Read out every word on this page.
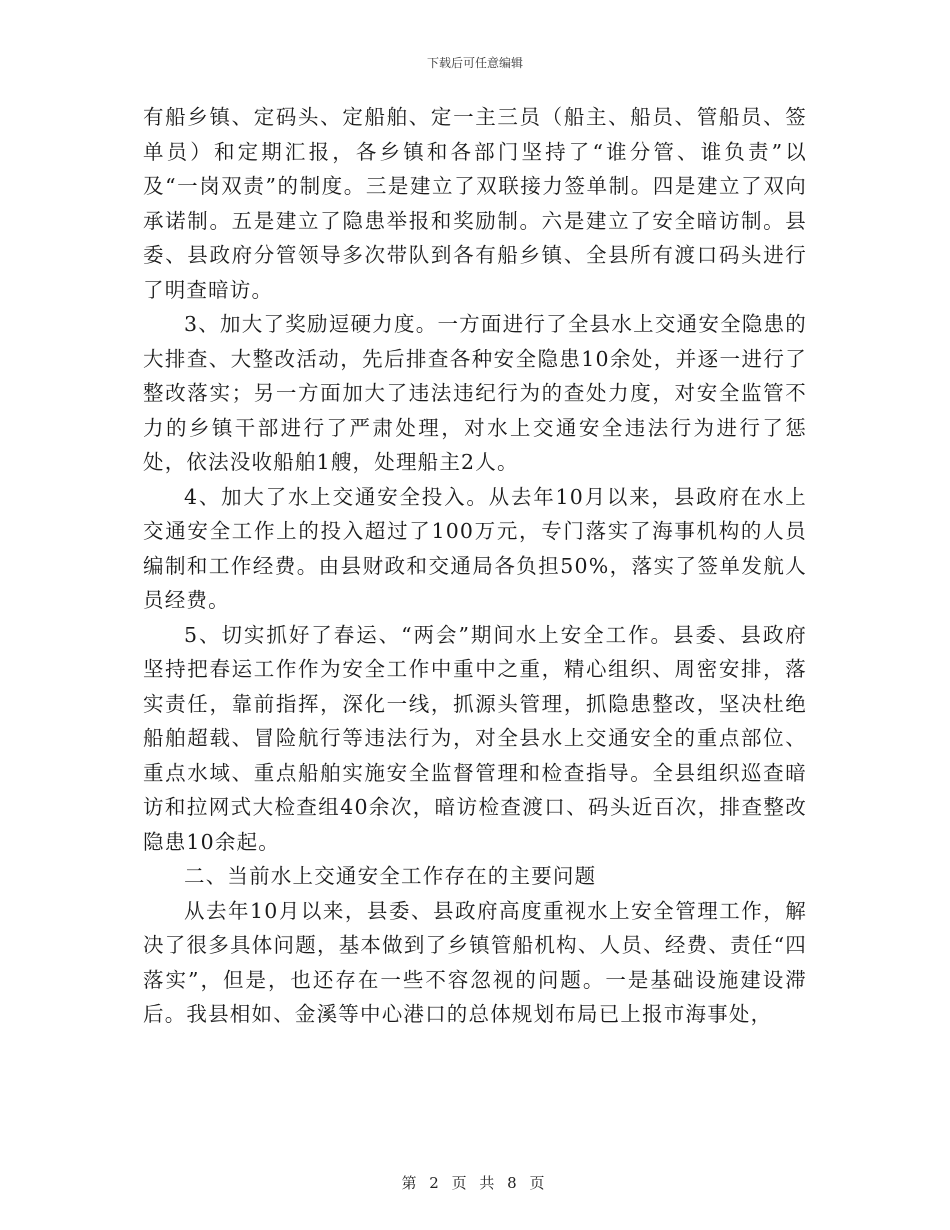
下载后可任意编辑

有船乡镇、定码头、定船舶、定一主三员（船主、船员、管船员、签单员）和定期汇报，各乡镇和各部门坚持了“谁分管、谁负责”以及“一岗双责”的制度。三是建立了双联接力签单制。四是建立了双向承诺制。五是建立了隐患举报和奖励制。六是建立了安全暗访制。县委、县政府分管领导多次带队到各有船乡镇、全县所有渡口码头进行了明查暗访。

3、加大了奖励逗硬力度。一方面进行了全县水上交通安全隐患的大排查、大整改活动，先后排查各种安全隐患10余处，并逐一进行了整改落实；另一方面加大了违法违纪行为的查处力度，对安全监管不力的乡镇干部进行了严肃处理，对水上交通安全违法行为进行了惩处，依法没收船舶1艘，处理船主2人。

4、加大了水上交通安全投入。从去年10月以来，县政府在水上交通安全工作上的投入超过了100万元，专门落实了海事机构的人员编制和工作经费。由县财政和交通局各负担50%，落实了签单发航人员经费。

5、切实抓好了春运、“两会”期间水上安全工作。县委、县政府坚持把春运工作作为安全工作中重中之重，精心组织、周密安排，落实责任，靠前指挥，深化一线，抓源头管理，抓隐患整改，坚决杜绝船舶超载、冒险航行等违法行为，对全县水上交通安全的重点部位、重点水域、重点船舶实施安全监督管理和检查指导。全县组织巡查暗访和拉网式大检查组40余次，暗访检查渡口、码头近百次，排查整改隐患10余起。

二、当前水上交通安全工作存在的主要问题

从去年10月以来，县委、县政府高度重视水上安全管理工作，解决了很多具体问题，基本做到了乡镇管船机构、人员、经费、责任“四落实”，但是，也还存在一些不容忽视的问题。一是基础设施建设滞后。我县相如、金溪等中心港口的总体规划布局已上报市海事处，

第 2 页 共 8 页
